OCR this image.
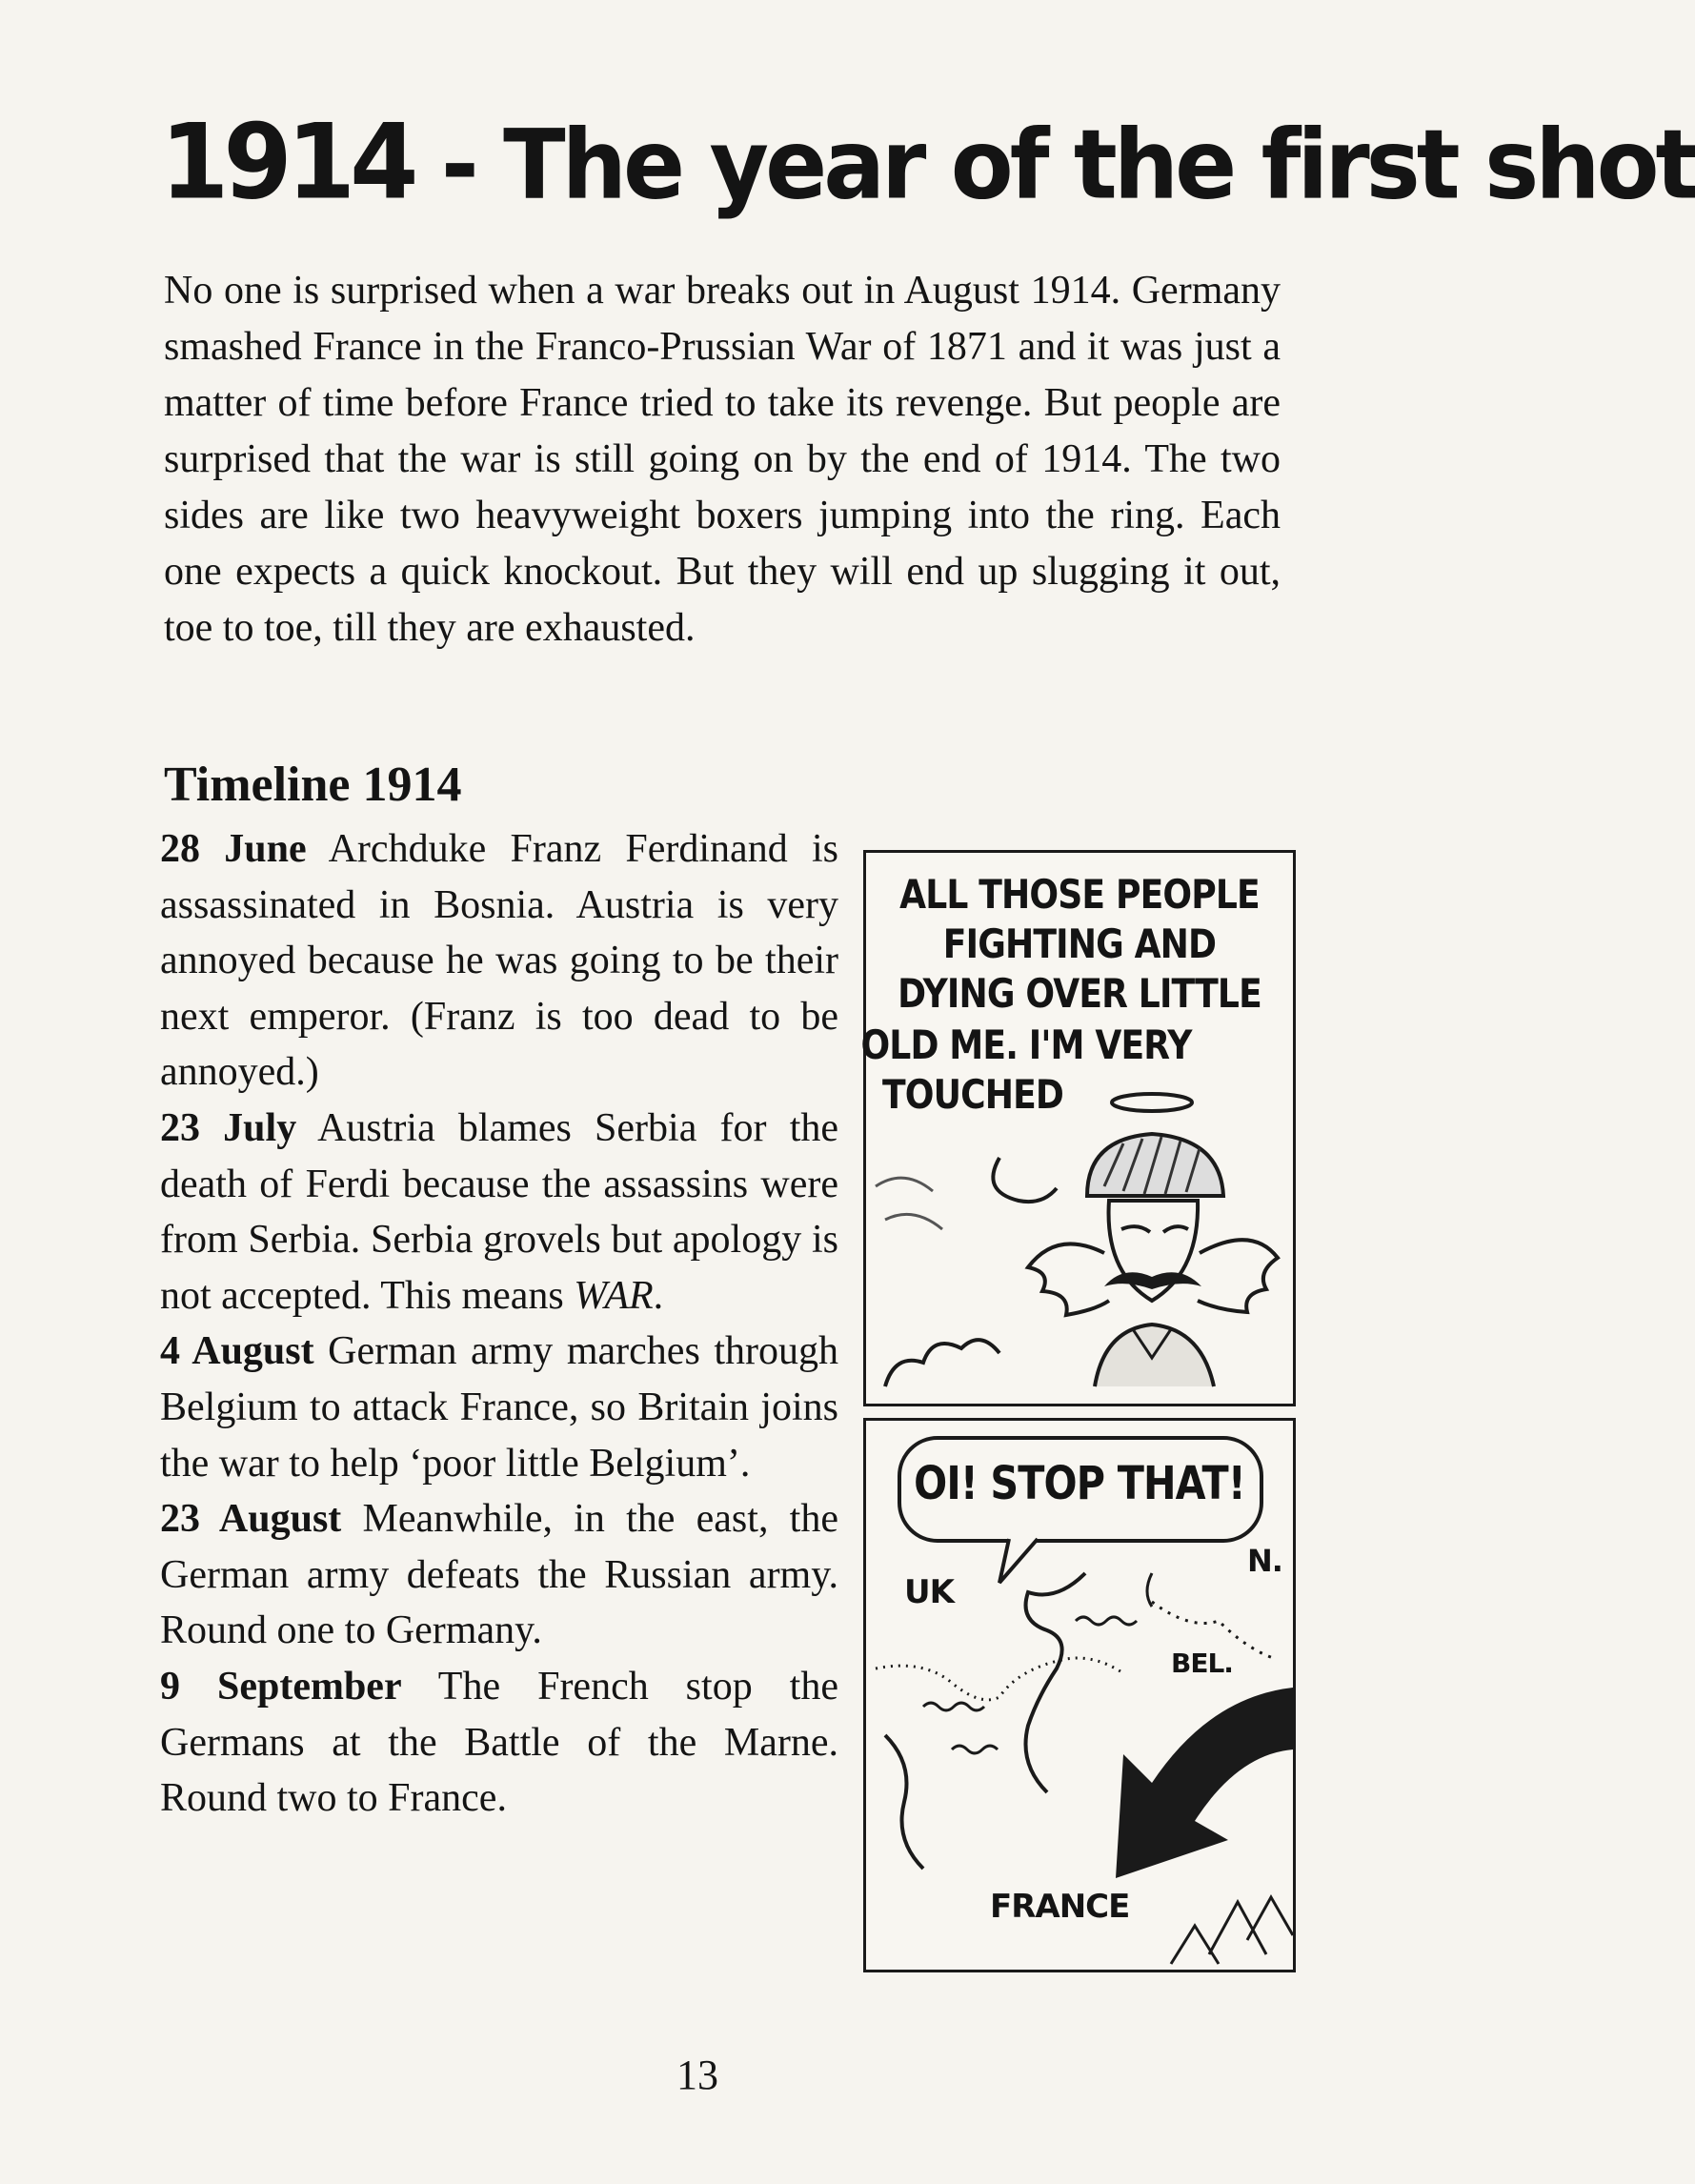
1914 - The year of the first shot

No one is surprised when a war breaks out in August 1914. Germany smashed France in the Franco-Prussian War of 1871 and it was just a matter of time before France tried to take its revenge. But people are surprised that the war is still going on by the end of 1914. The two sides are like two heavyweight boxers jumping into the ring. Each one expects a quick knockout. But they will end up slugging it out, toe to toe, till they are exhausted.

Timeline 1914

28 June Archduke Franz Ferdinand is assassinated in Bosnia. Austria is very annoyed because he was going to be their next emperor. (Franz is too dead to be annoyed.)

23 July Austria blames Serbia for the death of Ferdi because the assassins were from Serbia. Serbia grovels but apology is not accepted. This means WAR.

4 August German army marches through Belgium to attack France, so Britain joins the war to help ‘poor little Belgium’.

23 August Meanwhile, in the east, the German army defeats the Russian army. Round one to Germany.

9 September The French stop the Germans at the Battle of the Marne. Round two to France.

ALL THOSE PEOPLE
FIGHTING AND
DYING OVER LITTLE
OLD ME. I'M VERY
TOUCHED
OI! STOP THAT!
UK
N.
BEL.
FRANCE
13
